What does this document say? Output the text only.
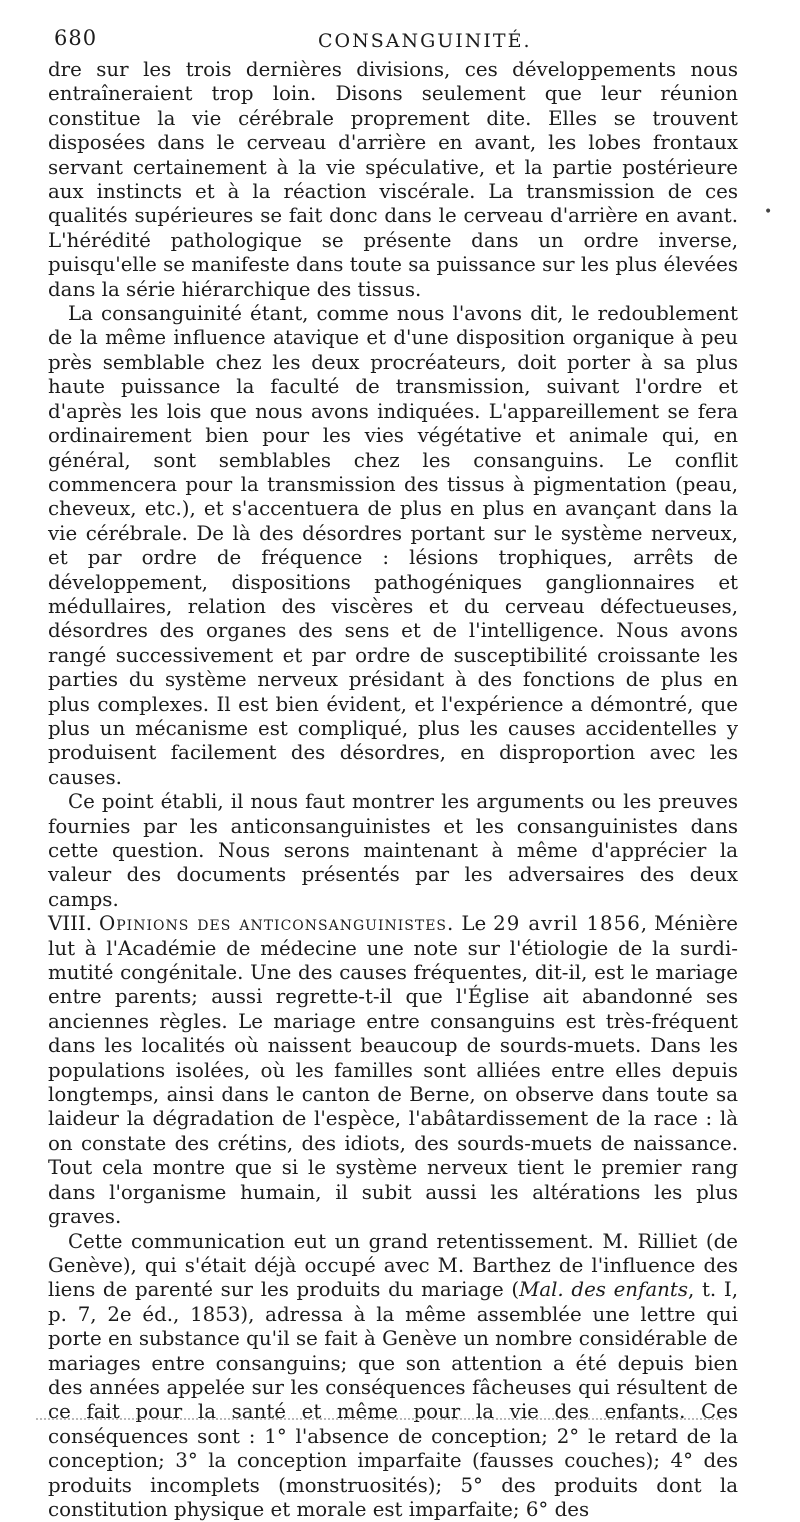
680	CONSANGUINITÉ.

dre sur les trois dernières divisions, ces développements nous entraîneraient trop loin. Disons seulement que leur réunion constitue la vie cérébrale proprement dite. Elles se trouvent disposées dans le cerveau d'arrière en avant, les lobes frontaux servant certainement à la vie spéculative, et la partie postérieure aux instincts et à la réaction viscérale. La transmission de ces qualités supérieures se fait donc dans le cerveau d'arrière en avant. L'hérédité pathologique se présente dans un ordre inverse, puisqu'elle se manifeste dans toute sa puissance sur les plus élevées dans la série hiérarchique des tissus.

La consanguinité étant, comme nous l'avons dit, le redoublement de la même influence atavique et d'une disposition organique à peu près semblable chez les deux procréateurs, doit porter à sa plus haute puissance la faculté de transmission, suivant l'ordre et d'après les lois que nous avons indiquées. L'appareillement se fera ordinairement bien pour les vies végétative et animale qui, en général, sont semblables chez les consanguins. Le conflit commencera pour la transmission des tissus à pigmentation (peau, cheveux, etc.), et s'accentuera de plus en plus en avançant dans la vie cérébrale. De là des désordres portant sur le système nerveux, et par ordre de fréquence : lésions trophiques, arrêts de développement, dispositions pathogéniques ganglionnaires et médullaires, relation des viscères et du cerveau défectueuses, désordres des organes des sens et de l'intelligence. Nous avons rangé successivement et par ordre de susceptibilité croissante les parties du système nerveux présidant à des fonctions de plus en plus complexes. Il est bien évident, et l'expérience a démontré, que plus un mécanisme est compliqué, plus les causes accidentelles y produisent facilement des désordres, en disproportion avec les causes.

Ce point établi, il nous faut montrer les arguments ou les preuves fournies par les anticonsanguinistes et les consanguinistes dans cette question. Nous serons maintenant à même d'apprécier la valeur des documents présentés par les adversaires des deux camps.

VIII. Opinions des anticonsanguinistes. Le 29 avril 1856, Ménière lut à l'Académie de médecine une note sur l'étiologie de la surdi-mutité congénitale. Une des causes fréquentes, dit-il, est le mariage entre parents; aussi regrette-t-il que l'Église ait abandonné ses anciennes règles. Le mariage entre consanguins est très-fréquent dans les localités où naissent beaucoup de sourds-muets. Dans les populations isolées, où les familles sont alliées entre elles depuis longtemps, ainsi dans le canton de Berne, on observe dans toute sa laideur la dégradation de l'espèce, l'abâtardissement de la race : là on constate des crétins, des idiots, des sourds-muets de naissance. Tout cela montre que si le système nerveux tient le premier rang dans l'organisme humain, il subit aussi les altérations les plus graves.

Cette communication eut un grand retentissement. M. Rilliet (de Genève), qui s'était déjà occupé avec M. Barthez de l'influence des liens de parenté sur les produits du mariage (Mal. des enfants, t. I, p. 7, 2e éd., 1853), adressa à la même assemblée une lettre qui porte en substance qu'il se fait à Genève un nombre considérable de mariages entre consanguins; que son attention a été depuis bien des années appelée sur les conséquences fâcheuses qui résultent de ce fait pour la santé et même pour la vie des enfants. Ces conséquences sont : 1° l'absence de conception; 2° le retard de la conception; 3° la conception imparfaite (fausses couches); 4° des produits incomplets (monstruosités); 5° des produits dont la constitution physique et morale est imparfaite; 6° des

•
